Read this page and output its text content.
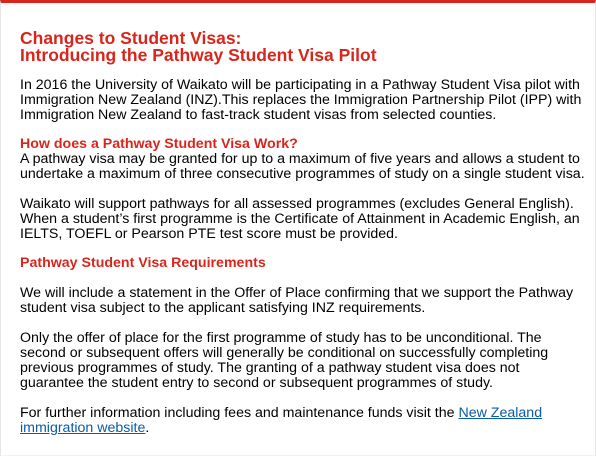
Changes to Student Visas:
Introducing the Pathway Student Visa Pilot

In 2016 the University of Waikato will be participating in a Pathway Student Visa pilot with Immigration New Zealand (INZ).This replaces the Immigration Partnership Pilot (IPP) with Immigration New Zealand to fast-track student visas from selected counties.

How does a Pathway Student Visa Work?

A pathway visa may be granted for up to a maximum of five years and allows a student to undertake a maximum of three consecutive programmes of study on a single student visa.

Waikato will support pathways for all assessed programmes (excludes General English). When a student’s first programme is the Certificate of Attainment in Academic English, an IELTS, TOEFL or Pearson PTE test score must be provided.

Pathway Student Visa Requirements

We will include a statement in the Offer of Place confirming that we support the Pathway student visa subject to the applicant satisfying INZ requirements.

Only the offer of place for the first programme of study has to be unconditional. The second or subsequent offers will generally be conditional on successfully completing previous programmes of study. The granting of a pathway student visa does not guarantee the student entry to second or subsequent programmes of study.

For further information including fees and maintenance funds visit the New Zealand immigration website.
